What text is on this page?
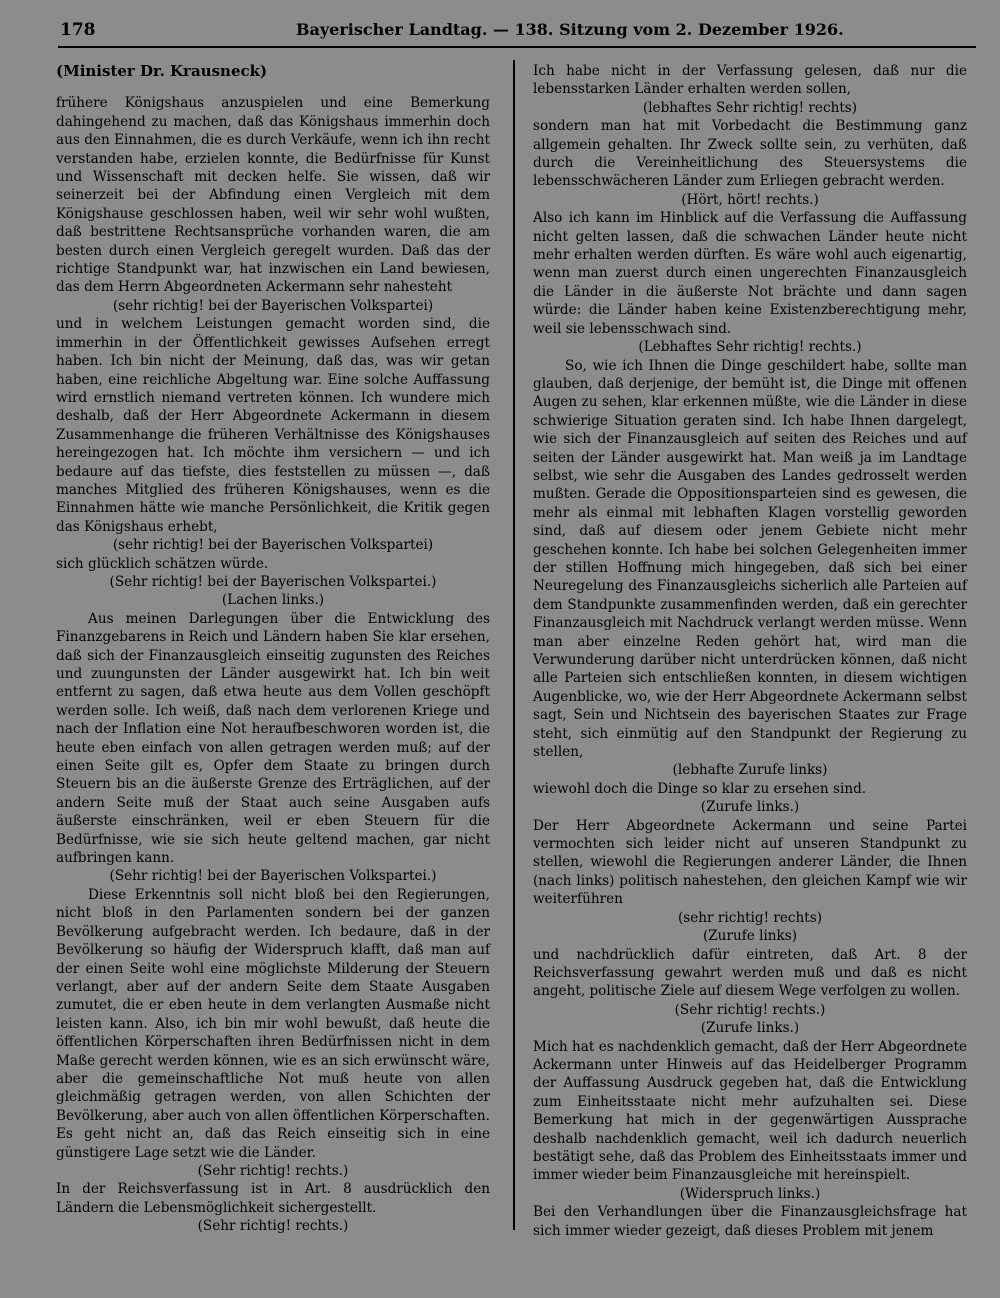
178	Bayerischer Landtag. — 138. Sitzung vom 2. Dezember 1926.

(Minister Dr. Krausneck)

frühere Königshaus anzuspielen und eine Bemerkung dahingehend zu machen, daß das Königshaus immerhin doch aus den Einnahmen, die es durch Verkäufe, wenn ich ihn recht verstanden habe, erzielen konnte, die Bedürfnisse für Kunst und Wissenschaft mit decken helfe. Sie wissen, daß wir seinerzeit bei der Abfindung einen Vergleich mit dem Königshause geschlossen haben, weil wir sehr wohl wußten, daß bestrittene Rechtsansprüche vorhanden waren, die am besten durch einen Vergleich geregelt wurden. Daß das der richtige Standpunkt war, hat inzwischen ein Land bewiesen, das dem Herrn Abgeordneten Ackermann sehr nahesteht

(sehr richtig! bei der Bayerischen Volkspartei)

und in welchem Leistungen gemacht worden sind, die immerhin in der Öffentlichkeit gewisses Aufsehen erregt haben. Ich bin nicht der Meinung, daß das, was wir getan haben, eine reichliche Abgeltung war. Eine solche Auffassung wird ernstlich niemand vertreten können. Ich wundere mich deshalb, daß der Herr Abgeordnete Ackermann in diesem Zusammenhange die früheren Verhältnisse des Königshauses hereingezogen hat. Ich möchte ihm versichern — und ich bedaure auf das tiefste, dies feststellen zu müssen —, daß manches Mitglied des früheren Königshauses, wenn es die Einnahmen hätte wie manche Persönlichkeit, die Kritik gegen das Königshaus erhebt,

(sehr richtig! bei der Bayerischen Volkspartei)

sich glücklich schätzen würde.

(Sehr richtig! bei der Bayerischen Volkspartei.)

(Lachen links.)

Aus meinen Darlegungen über die Entwicklung des Finanzgebarens in Reich und Ländern haben Sie klar ersehen, daß sich der Finanzausgleich einseitig zugunsten des Reiches und zuungunsten der Länder ausgewirkt hat. Ich bin weit entfernt zu sagen, daß etwa heute aus dem Vollen geschöpft werden solle. Ich weiß, daß nach dem verlorenen Kriege und nach der Inflation eine Not heraufbeschworen worden ist, die heute eben einfach von allen getragen werden muß; auf der einen Seite gilt es, Opfer dem Staate zu bringen durch Steuern bis an die äußerste Grenze des Erträglichen, auf der andern Seite muß der Staat auch seine Ausgaben aufs äußerste einschränken, weil er eben Steuern für die Bedürfnisse, wie sie sich heute geltend machen, gar nicht aufbringen kann.

(Sehr richtig! bei der Bayerischen Volkspartei.)

Diese Erkenntnis soll nicht bloß bei den Regierungen, nicht bloß in den Parlamenten sondern bei der ganzen Bevölkerung aufgebracht werden. Ich bedaure, daß in der Bevölkerung so häufig der Widerspruch klafft, daß man auf der einen Seite wohl eine möglichste Milderung der Steuern verlangt, aber auf der andern Seite dem Staate Ausgaben zumutet, die er eben heute in dem verlangten Ausmaße nicht leisten kann. Also, ich bin mir wohl bewußt, daß heute die öffentlichen Körperschaften ihren Bedürfnissen nicht in dem Maße gerecht werden können, wie es an sich erwünscht wäre, aber die gemeinschaftliche Not muß heute von allen gleichmäßig getragen werden, von allen Schichten der Bevölkerung, aber auch von allen öffentlichen Körperschaften. Es geht nicht an, daß das Reich einseitig sich in eine günstigere Lage setzt wie die Länder.

(Sehr richtig! rechts.)

In der Reichsverfassung ist in Art. 8 ausdrücklich den Ländern die Lebensmöglichkeit sichergestellt.

(Sehr richtig! rechts.)

Ich habe nicht in der Verfassung gelesen, daß nur die lebensstarken Länder erhalten werden sollen,

(lebhaftes Sehr richtig! rechts)

sondern man hat mit Vorbedacht die Bestimmung ganz allgemein gehalten. Ihr Zweck sollte sein, zu verhüten, daß durch die Vereinheitlichung des Steuersystems die lebensschwächeren Länder zum Erliegen gebracht werden.

(Hört, hört! rechts.)

Also ich kann im Hinblick auf die Verfassung die Auffassung nicht gelten lassen, daß die schwachen Länder heute nicht mehr erhalten werden dürften. Es wäre wohl auch eigenartig, wenn man zuerst durch einen ungerechten Finanzausgleich die Länder in die äußerste Not brächte und dann sagen würde: die Länder haben keine Existenzberechtigung mehr, weil sie lebensschwach sind.

(Lebhaftes Sehr richtig! rechts.)

So, wie ich Ihnen die Dinge geschildert habe, sollte man glauben, daß derjenige, der bemüht ist, die Dinge mit offenen Augen zu sehen, klar erkennen müßte, wie die Länder in diese schwierige Situation geraten sind. Ich habe Ihnen dargelegt, wie sich der Finanzausgleich auf seiten des Reiches und auf seiten der Länder ausgewirkt hat. Man weiß ja im Landtage selbst, wie sehr die Ausgaben des Landes gedrosselt werden mußten. Gerade die Oppositionsparteien sind es gewesen, die mehr als einmal mit lebhaften Klagen vorstellig geworden sind, daß auf diesem oder jenem Gebiete nicht mehr geschehen konnte. Ich habe bei solchen Gelegenheiten immer der stillen Hoffnung mich hingegeben, daß sich bei einer Neuregelung des Finanzausgleichs sicherlich alle Parteien auf dem Standpunkte zusammenfinden werden, daß ein gerechter Finanzausgleich mit Nachdruck verlangt werden müsse. Wenn man aber einzelne Reden gehört hat, wird man die Verwunderung darüber nicht unterdrücken können, daß nicht alle Parteien sich entschließen konnten, in diesem wichtigen Augenblicke, wo, wie der Herr Abgeordnete Ackermann selbst sagt, Sein und Nichtsein des bayerischen Staates zur Frage steht, sich einmütig auf den Standpunkt der Regierung zu stellen,

(lebhafte Zurufe links)

wiewohl doch die Dinge so klar zu ersehen sind.

(Zurufe links.)

Der Herr Abgeordnete Ackermann und seine Partei vermochten sich leider nicht auf unseren Standpunkt zu stellen, wiewohl die Regierungen anderer Länder, die Ihnen (nach links) politisch nahestehen, den gleichen Kampf wie wir weiterführen

(sehr richtig! rechts)

(Zurufe links)

und nachdrücklich dafür eintreten, daß Art. 8 der Reichsverfassung gewahrt werden muß und daß es nicht angeht, politische Ziele auf diesem Wege verfolgen zu wollen.

(Sehr richtig! rechts.)

(Zurufe links.)

Mich hat es nachdenklich gemacht, daß der Herr Abgeordnete Ackermann unter Hinweis auf das Heidelberger Programm der Auffassung Ausdruck gegeben hat, daß die Entwicklung zum Einheitsstaate nicht mehr aufzuhalten sei. Diese Bemerkung hat mich in der gegenwärtigen Aussprache deshalb nachdenklich gemacht, weil ich dadurch neuerlich bestätigt sehe, daß das Problem des Einheitsstaats immer und immer wieder beim Finanzausgleiche mit hereinspielt.

(Widerspruch links.)

Bei den Verhandlungen über die Finanzausgleichsfrage hat sich immer wieder gezeigt, daß dieses Problem mit jenem
